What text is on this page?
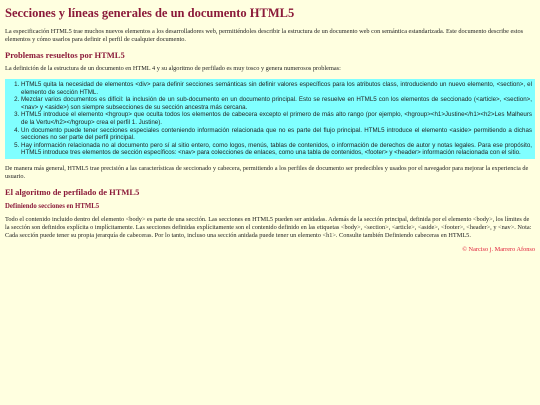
Secciones y líneas generales de un documento HTML5

La especificación HTML5 trae muchos nuevos elementos a los desarrolladores web, permitiéndoles describir la estructura de un documento web con semántica estandarizada. Este documento describe estos elementos y cómo usarlos para definir el perfil de cualquier documento.

Problemas resueltos por HTML5

La definición de la estructura de un documento en HTML 4 y su algoritmo de perfilado es muy tosco y genera numerosos problemas:

1. HTML5 quita la necesidad de elementos <div> para definir secciones semánticas sin definir valores específicos para los atributos class, introduciendo un nuevo elemento, <section>, el elemento de sección HTML.
2. Mezclar varios documentos es difícil: la inclusión de un sub-documento en un documento principal. Esto se resuelve en HTML5 con los elementos de seccionado (<article>, <section>, <nav> y <aside>) son siempre subsecciones de su sección ancestra más cercana.
3. HTML5 introduce el elemento <hgroup> que oculta todos los elementos de cabecera excepto el primero de más alto rango (por ejemplo, <hgroup><h1>Justine</h1><h2>Les Malheurs de la Vertu</h2></hgroup> crea el perfil 1. Justine).
4. Un documento puede tener secciones especiales conteniendo información relacionada que no es parte del flujo principal. HTML5 introduce el elemento <aside> permitiendo a dichas secciones no ser parte del perfil principal.
5. Hay información relacionada no al documento pero sí al sitio entero, como logos, menús, tablas de contenidos, o información de derechos de autor y notas legales. Para ese propósito, HTML5 introduce tres elementos de sección específicos: <nav> para colecciones de enlaces, como una tabla de contenidos, <footer> y <header> información relacionada con el sitio.

De manera más general, HTML5 trae precisión a las características de seccionado y cabecera, permitiendo a los perfiles de documento ser predecibles y usados por el navegador para mejorar la experiencia de usuario.

El algoritmo de perfilado de HTML5
Definiendo secciones en HTML5

Todo el contenido incluido dentro del elemento <body> es parte de una sección. Las secciones en HTML5 pueden ser anidadas. Además de la sección principal, definida por el elemento <body>, los límites de la sección son definidos explícita o implícitamente. Las secciones definidas explícitamente son el contenido definido en las etiquetas <body>, <section>, <article>, <aside>, <footer>, <header>, y <nav>. Nota: Cada sección puede tener su propia jerarquía de cabeceras. Por lo tanto, incluso una sección anidada puede tener un elemento <h1>. Consulte también Definiendo cabeceras en HTML5.

© Narciso j. Marrero Afonso
